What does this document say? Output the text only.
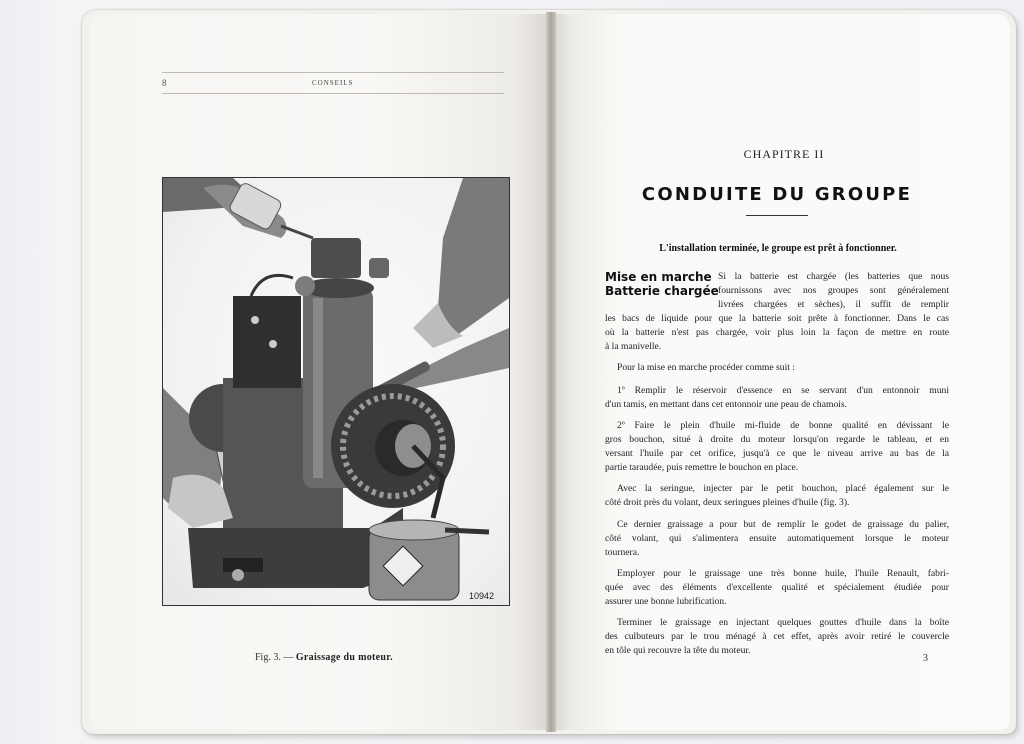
8	CONSEILS
10942
Fig. 3. — Graissage du moteur.
CHAPITRE II
CONDUITE DU GROUPE
L'installation terminée, le groupe est prêt à fonctionner.
Mise en marche
Batterie chargée
Si la batterie est chargée (les batteries que nous
fournissons avec nos groupes sont généralement
livrées chargées et sèches), il suffit de remplir
les bacs de liquide pour que la batterie soit prête à fonctionner. Dans le cas
où la batterie n'est pas chargée, voir plus loin la façon de mettre en route
à la manivelle.
Pour la mise en marche procéder comme suit :
1º Remplir le réservoir d'essence en se servant d'un entonnoir muni
d'un tamis, en mettant dans cet entonnoir une peau de chamois.
2º Faire le plein d'huile mi-fluide de bonne qualité en dévissant le
gros bouchon, situé à droite du moteur lorsqu'on regarde le tableau, et en
versant l'huile par cet orifice, jusqu'à ce que le niveau arrive au bas de la
partie taraudée, puis remettre le bouchon en place.
Avec la seringue, injecter par le petit bouchon, placé également sur le
côté droit près du volant, deux seringues pleines d'huile (fig. 3).
Ce dernier graissage a pour but de remplir le godet de graissage du palier,
côté volant, qui s'alimentera ensuite automatiquement lorsque le moteur
tournera.
Employer pour le graissage une très bonne huile, l'huile Renault, fabri-
quée avec des éléments d'excellente qualité et spécialement étudiée pour
assurer une bonne lubrification.
Terminer le graissage en injectant quelques gouttes d'huile dans la boîte
des culbuteurs par le trou ménagé à cet effet, après avoir retiré le couvercle
en tôle qui recouvre la tête du moteur.
3
